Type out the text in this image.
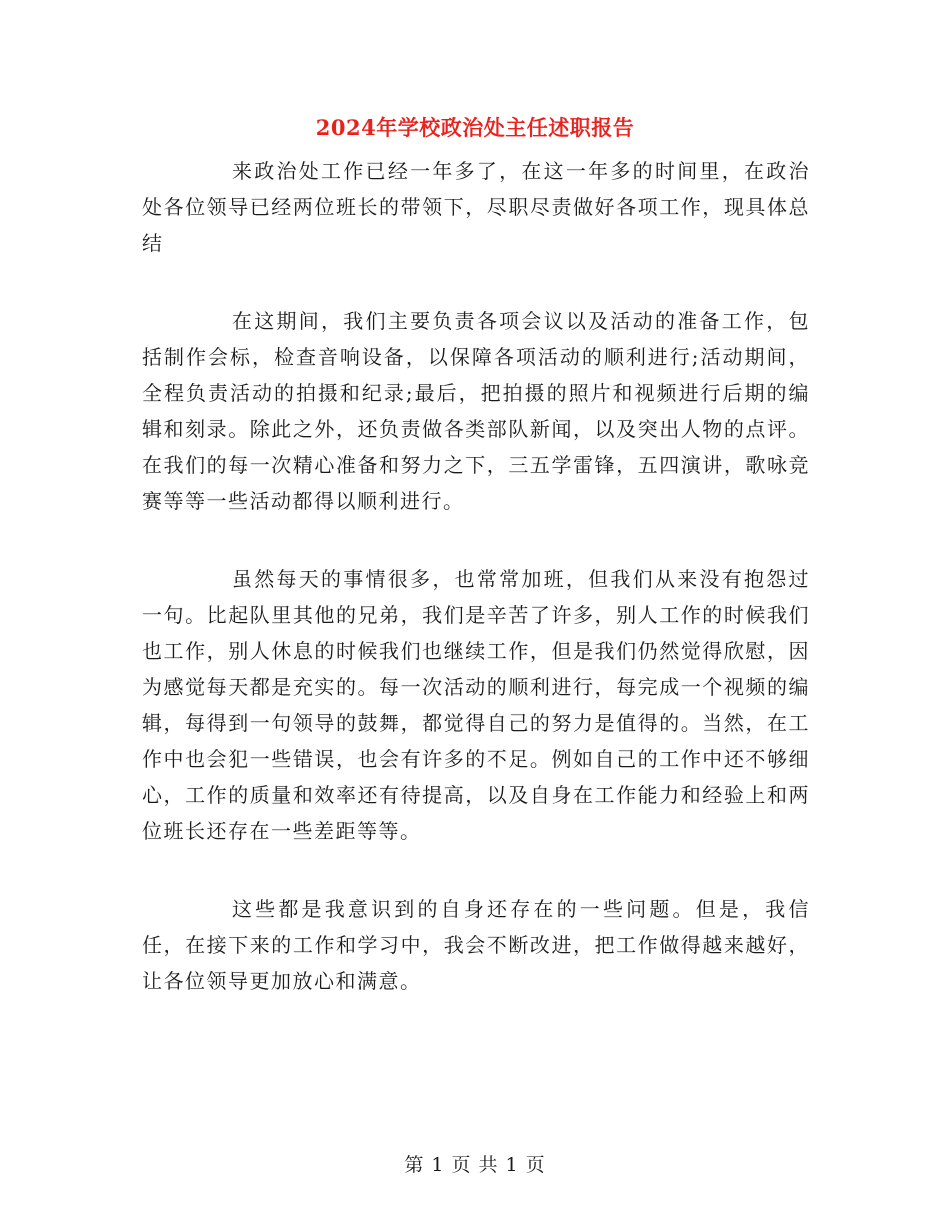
2024年学校政治处主任述职报告

来政治处工作已经一年多了，在这一年多的时间里，在政治处各位领导已经两位班长的带领下，尽职尽责做好各项工作，现具体总结

在这期间，我们主要负责各项会议以及活动的准备工作，包括制作会标，检查音响设备，以保障各项活动的顺利进行;活动期间，全程负责活动的拍摄和纪录;最后，把拍摄的照片和视频进行后期的编辑和刻录。除此之外，还负责做各类部队新闻，以及突出人物的点评。在我们的每一次精心准备和努力之下，三五学雷锋，五四演讲，歌咏竞赛等等一些活动都得以顺利进行。

虽然每天的事情很多，也常常加班，但我们从来没有抱怨过一句。比起队里其他的兄弟，我们是辛苦了许多，别人工作的时候我们也工作，别人休息的时候我们也继续工作，但是我们仍然觉得欣慰，因为感觉每天都是充实的。每一次活动的顺利进行，每完成一个视频的编辑，每得到一句领导的鼓舞，都觉得自己的努力是值得的。当然，在工作中也会犯一些错误，也会有许多的不足。例如自己的工作中还不够细心，工作的质量和效率还有待提高，以及自身在工作能力和经验上和两位班长还存在一些差距等等。

这些都是我意识到的自身还存在的一些问题。但是，我信任，在接下来的工作和学习中，我会不断改进，把工作做得越来越好，让各位领导更加放心和满意。

第 1 页 共 1 页
